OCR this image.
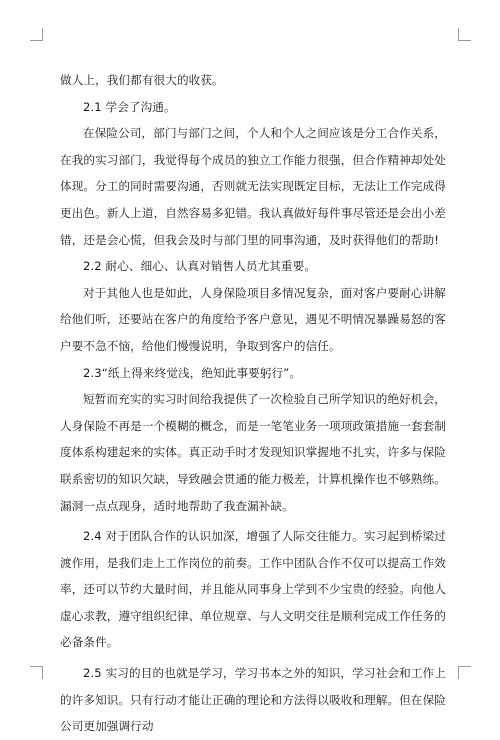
做人上，我们都有很大的收获。

2.1 学会了沟通。

在保险公司，部门与部门之间，个人和个人之间应该是分工合作关系，在我的实习部门，我觉得每个成员的独立工作能力很强，但合作精神却处处体现。分工的同时需要沟通，否则就无法实现既定目标，无法让工作完成得更出色。新人上道，自然容易多犯错。我认真做好每件事尽管还是会出小差错，还是会心慌，但我会及时与部门里的同事沟通，及时获得他们的帮助!

2.2 耐心、细心、认真对销售人员尤其重要。

对于其他人也是如此，人身保险项目多情况复杂，面对客户要耐心讲解给他们听，还要站在客户的角度给予客户意见，遇见不明情况暴躁易怒的客户要不急不恼，给他们慢慢说明，争取到客户的信任。

2.3“纸上得来终觉浅，绝知此事要躬行”。

短暂而充实的实习时间给我提供了一次检验自己所学知识的绝好机会，人身保险不再是一个模糊的概念，而是一笔笔业务一项项政策措施一套套制度体系构建起来的实体。真正动手时才发现知识掌握地不扎实，许多与保险联系密切的知识欠缺，导致融会贯通的能力极差，计算机操作也不够熟练。漏洞一点点现身，适时地帮助了我查漏补缺。

2.4 对于团队合作的认识加深，增强了人际交往能力。实习起到桥梁过渡作用，是我们走上工作岗位的前奏。工作中团队合作不仅可以提高工作效率，还可以节约大量时间，并且能从同事身上学到不少宝贵的经验。向他人虚心求教，遵守组织纪律、单位规章、与人文明交往是顺利完成工作任务的必备条件。

2.5 实习的目的也就是学习，学习书本之外的知识，学习社会和工作上的许多知识。只有行动才能让正确的理论和方法得以吸收和理解。但在保险公司更加强调行动
